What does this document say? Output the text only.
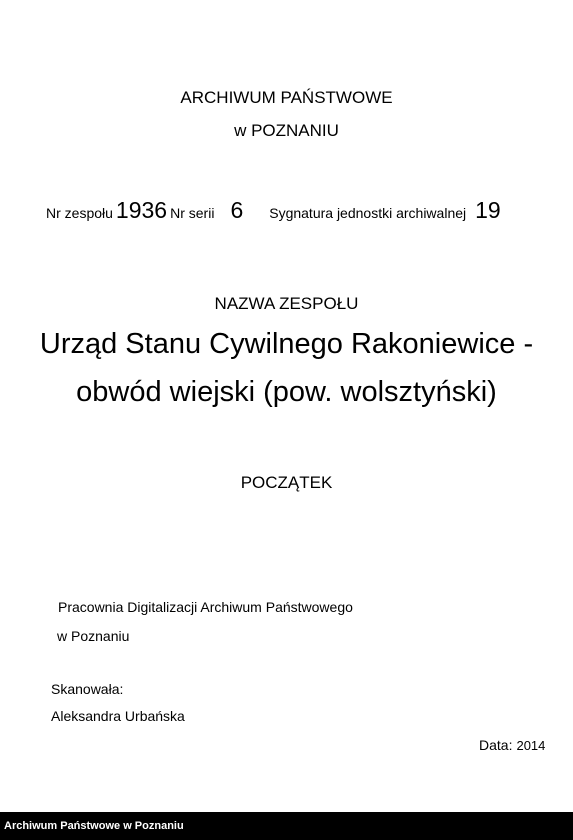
ARCHIWUM PAŃSTWOWE
w POZNANIU
Nr zespołu 1936 Nr serii 6 Sygnatura jednostki archiwalnej 19
NAZWA ZESPOŁU
Urząd Stanu Cywilnego Rakoniewice -
obwód wiejski (pow. wolsztyński)
POCZĄTEK
Pracownia Digitalizacji Archiwum Państwowego
w Poznaniu
Skanowała:
Aleksandra Urbańska
Data: 2014
Archiwum Państwowe w Poznaniu
